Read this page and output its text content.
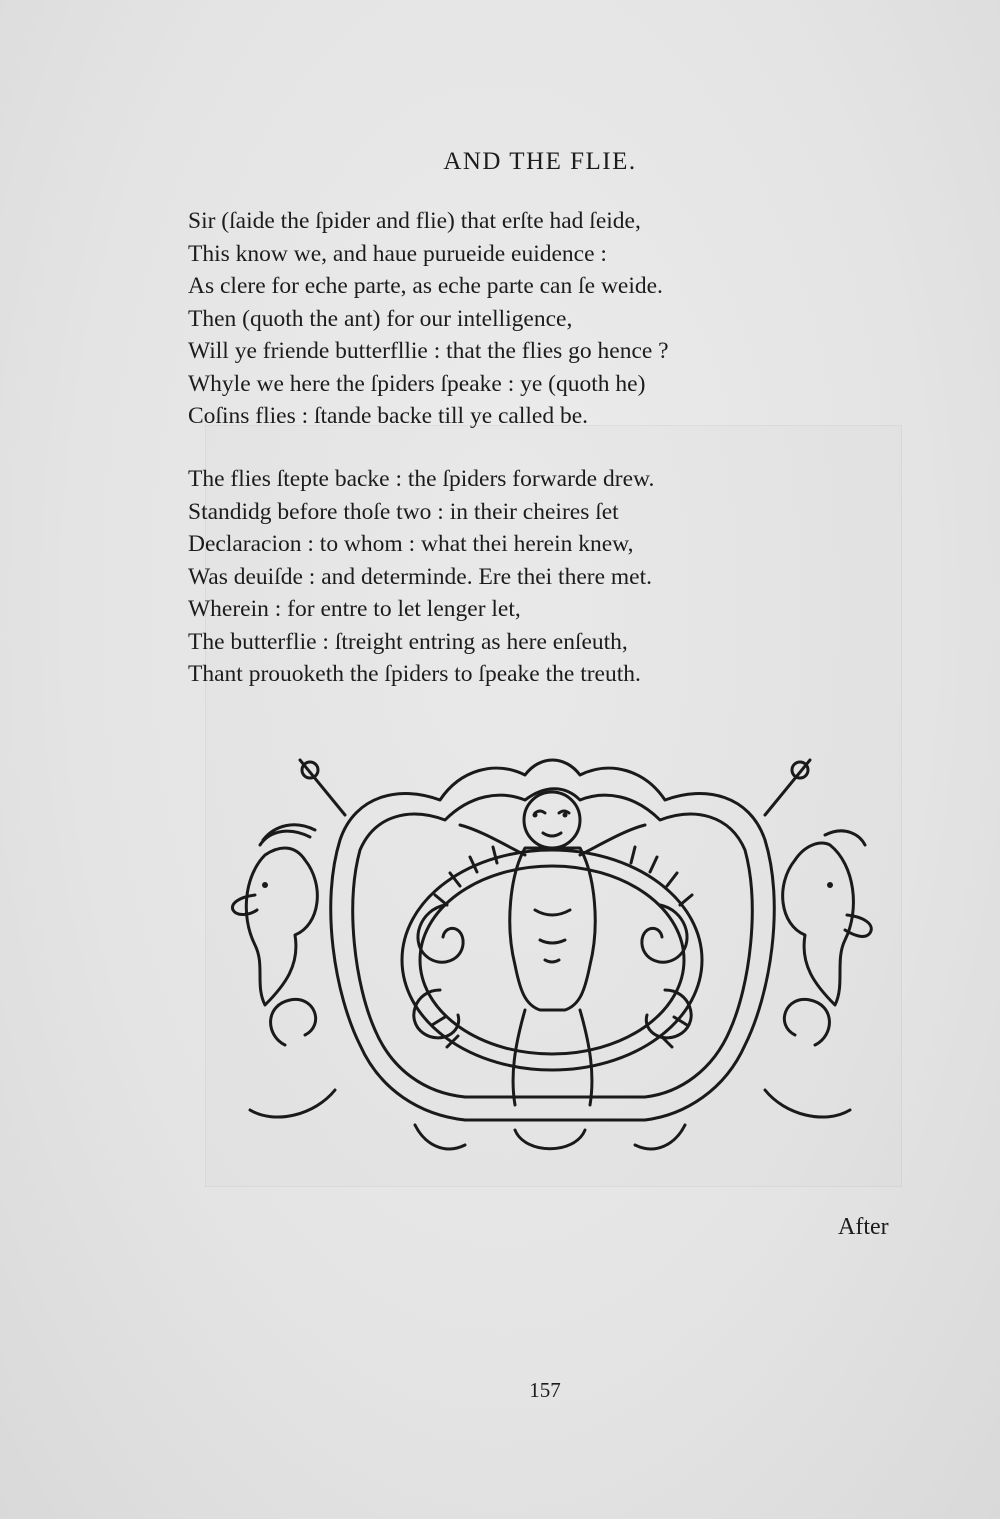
AND THE FLIE.
Sir (ſaide the ſpider and flie) that erſte had ſeide,
This know we, and haue purueide euidence :
As clere for eche parte, as eche parte can ſe weide.
Then (quoth the ant) for our intelligence,
Will ye friende butterfllie : that the flies go hence ?
Whyle we here the ſpiders ſpeake : ye (quoth he)
Coſins flies : ſtande backe till ye called be.
The flies ſtepte backe : the ſpiders forwarde drew.
Standidg before thoſe two : in their cheires ſet
Declaracion : to whom : what thei herein knew,
Was deuiſde : and determinde. Ere thei there met.
Wherein : for entre to let lenger let,
The butterflie : ſtreight entring as here enſeuth,
Thant prouoketh the ſpiders to ſpeake the treuth.
After
157
